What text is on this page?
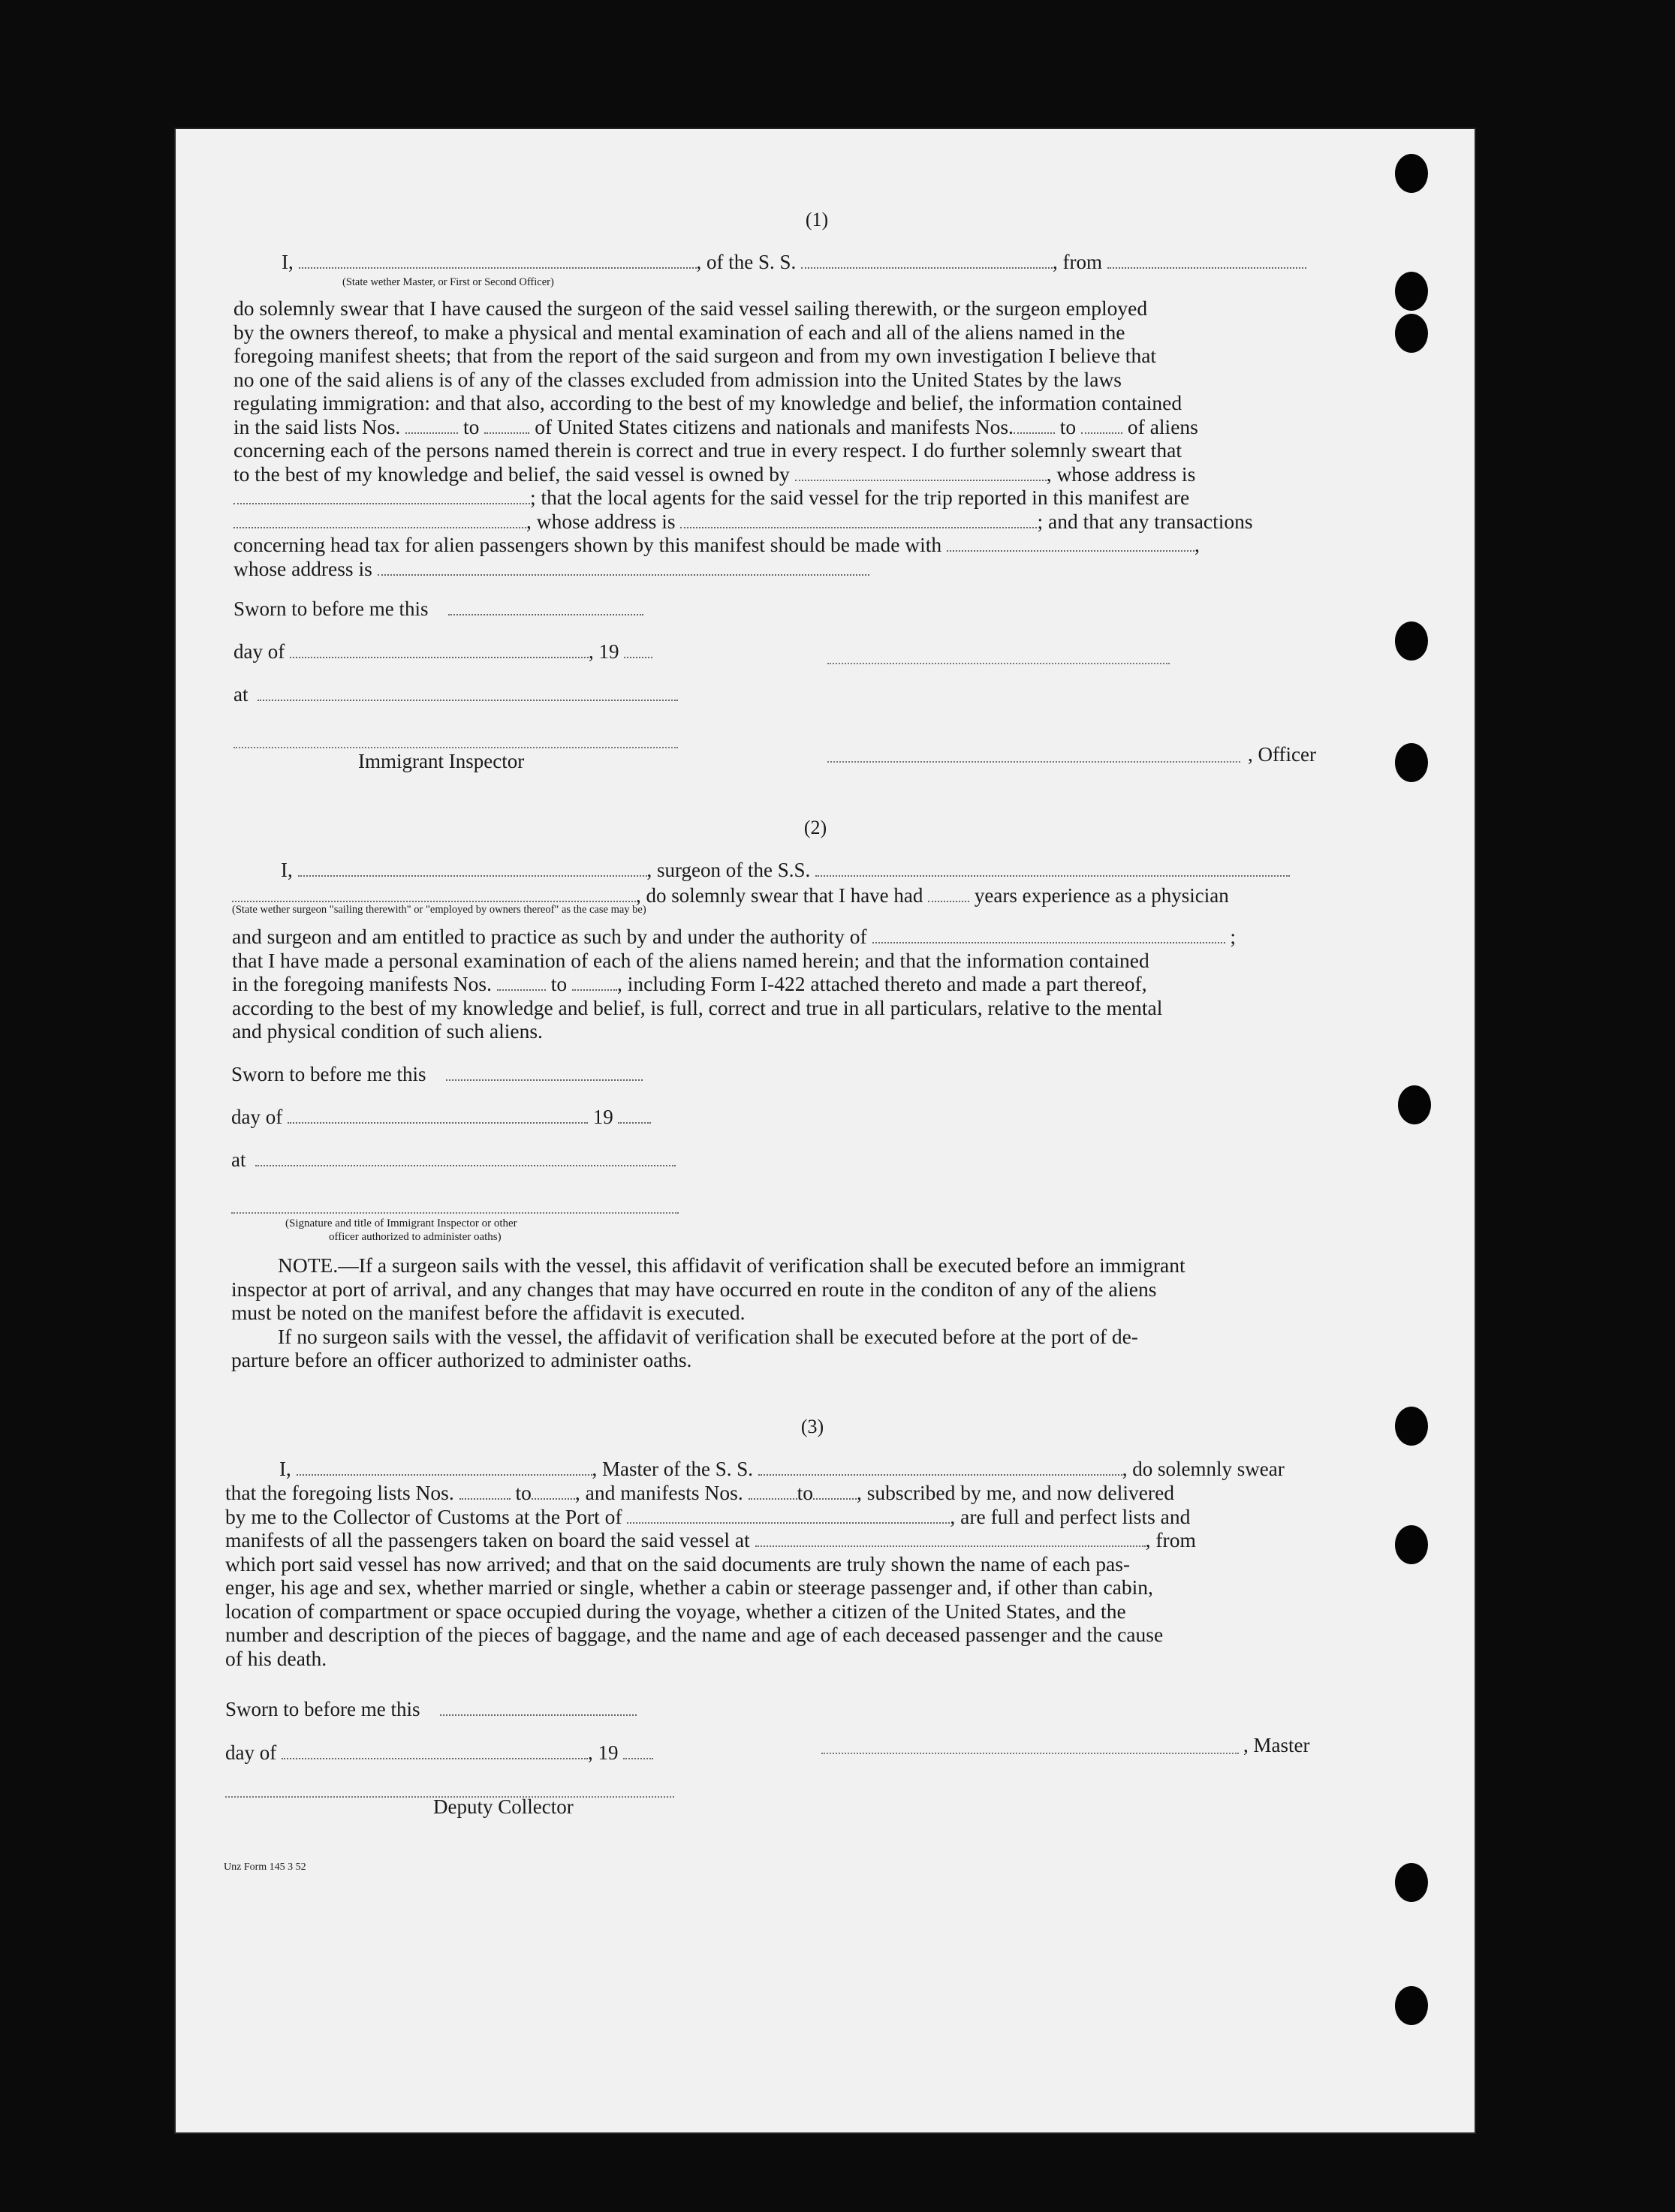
(1)
I,	, of the S. S.	, from
(State wether Master, or First or Second Officer)
do solemnly swear that I have caused the surgeon of the said vessel sailing therewith, or the surgeon employed
by the owners thereof, to make a physical and mental examination of each and all of the aliens named in the
foregoing manifest sheets; that from the report of the said surgeon and from my own investigation I believe that
no one of the said aliens is of any of the classes excluded from admission into the United States by the laws
regulating immigration: and that also, according to the best of my knowledge and belief, the information contained
in the said lists Nos.	to	of United States citizens and nationals and manifests Nos. to	of aliens
concerning each of the persons named therein is correct and true in every respect. I do further solemnly sweart that
to the best of my knowledge and belief, the said vessel is owned by	, whose address is
; that the local agents for the said vessel for the trip reported in this manifest are
, whose address is	; and that any transactions
concerning head tax for alien passengers shown by this manifest should be made with	,
whose address is
Sworn to before me this
day of	, 19
at
Immigrant Inspector	, Officer
(2)
I,	, surgeon of the S.S.
, do solemnly swear that I have had	years experience as a physician
(State wether surgeon "sailing therewith" or "employed by owners thereof" as the case may be)
and surgeon and am entitled to practice as such by and under the authority of	;
that I have made a personal examination of each of the aliens named herein; and that the information contained
in the foregoing manifests Nos.	to , including Form I-422 attached thereto and made a part thereof,
according to the best of my knowledge and belief, is full, correct and true in all particulars, relative to the mental
and physical condition of such aliens.
Sworn to before me this
day of	19
at
(Signature and title of Immigrant Inspector or other
officer authorized to administer oaths)
NOTE.—If a surgeon sails with the vessel, this affidavit of verification shall be executed before an immigrant
inspector at port of arrival, and any changes that may have occurred en route in the conditon of any of the aliens
must be noted on the manifest before the affidavit is executed.
If no surgeon sails with the vessel, the affidavit of verification shall be executed before at the port of de-
parture before an officer authorized to administer oaths.
(3)
I,	, Master of the S. S.	, do solemnly swear
that the foregoing lists Nos.	to , and manifests Nos.	to , subscribed by me, and now delivered
by me to the Collector of Customs at the Port of	, are full and perfect lists and
manifests of all the passengers taken on board the said vessel at	, from
which port said vessel has now arrived; and that on the said documents are truly shown the name of each pas-
enger, his age and sex, whether married or single, whether a cabin or steerage passenger and, if other than cabin,
location of compartment or space occupied during the voyage, whether a citizen of the United States, and the
number and description of the pieces of baggage, and the name and age of each deceased passenger and the cause
of his death.
Sworn to before me this
day of	, 19	, Master
Deputy Collector
Unz Form 145 3 52
